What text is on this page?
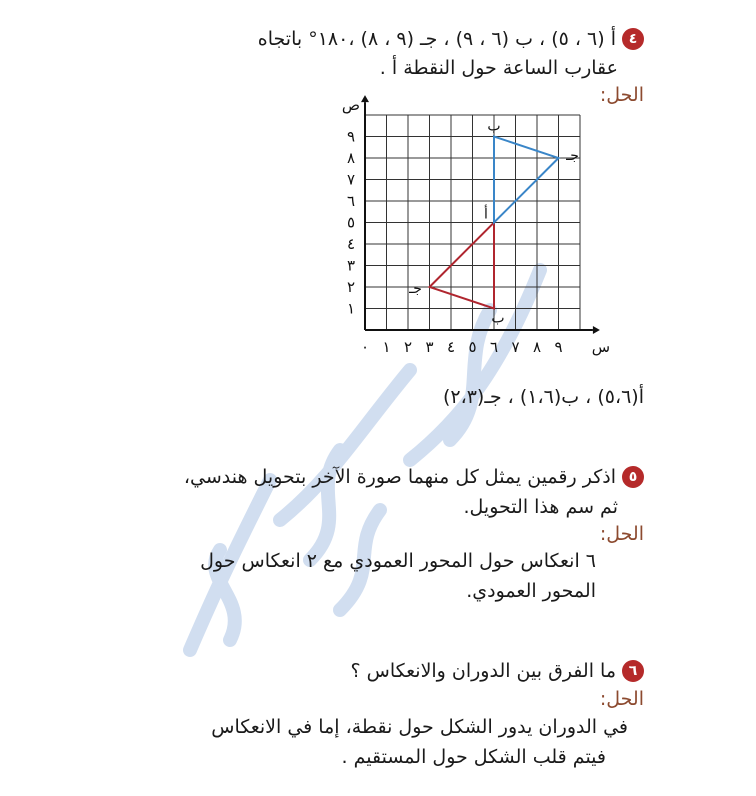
٤أ (٦ ، ٥) ، ب (٦ ، ٩) ، جـ (٩ ، ٨) ،١٨٠° باتجاه
عقارب الساعة حول النقطة أ .
الحل:
٠ ١ ٢ ٣ ٤ ٥ ٦ ٧ ٨ ٩
١
٢
٣
٤
٥
٦
٧
٨
٩
س
ص
ب
جـ
أ
ب
جـ
أ(٥،٦) ، ب(١،٦) ، جـ(٢،٣)
٥اذكر رقمين يمثل كل منهما صورة الآخر بتحويل هندسي،
ثم سم هذا التحويل.
الحل:
٦ انعكاس حول المحور العمودي مع ٢ انعكاس حول
المحور العمودي.
٦ما الفرق بين الدوران والانعكاس ؟
الحل:
في الدوران يدور الشكل حول نقطة، إما في الانعكاس
فيتم قلب الشكل حول المستقيم .
